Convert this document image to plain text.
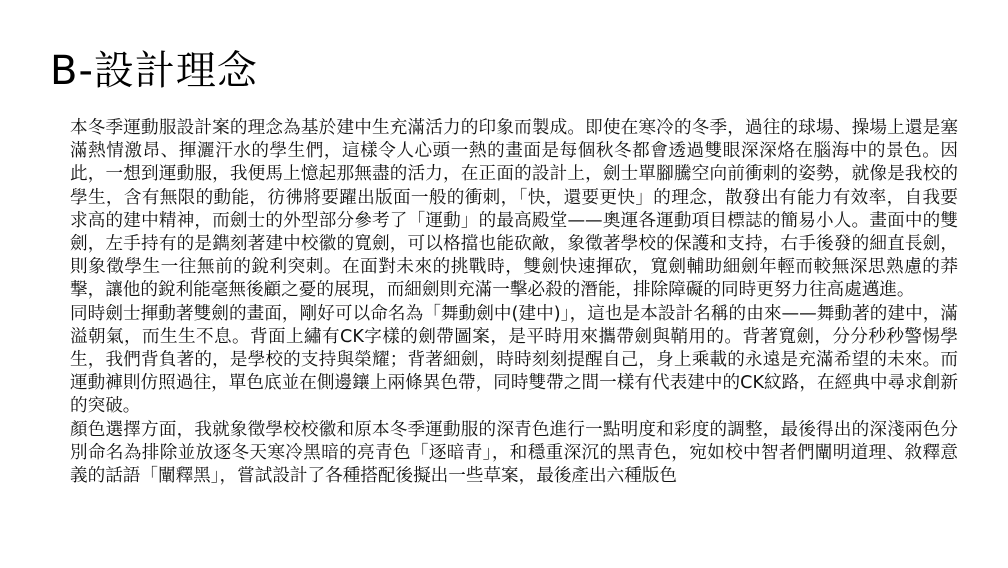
B-設計理念

本冬季運動服設計案的理念為基於建中生充滿活力的印象而製成。即使在寒冷的冬季，過往的球場、操場上還是塞滿熱情激昂、揮灑汗水的學生們，這樣令人心頭一熱的畫面是每個秋冬都會透過雙眼深深烙在腦海中的景色。因此，一想到運動服，我便馬上憶起那無盡的活力，在正面的設計上，劍士單腳騰空向前衝刺的姿勢，就像是我校的學生，含有無限的動能，彷彿將要躍出版面一般的衝刺，「快，還要更快」的理念，散發出有能力有效率，自我要求高的建中精神，而劍士的外型部分參考了「運動」的最高殿堂——奧運各運動項目標誌的簡易小人。畫面中的雙劍，左手持有的是鐫刻著建中校徽的寬劍，可以格擋也能砍敵，象徵著學校的保護和支持，右手後發的細直長劍，則象徵學生一往無前的銳利突刺。在面對未來的挑戰時，雙劍快速揮砍，寬劍輔助細劍年輕而較無深思熟慮的莽撃，讓他的銳利能毫無後顧之憂的展現，而細劍則充滿一擊必殺的潛能，排除障礙的同時更努力往高處邁進。

同時劍士揮動著雙劍的畫面，剛好可以命名為「舞動劍中(建中)」，這也是本設計名稱的由來——舞動著的建中，滿溢朝氣，而生生不息。背面上繡有CK字樣的劍帶圖案，是平時用來攜帶劍與鞘用的。背著寬劍，分分秒秒警惕學生，我們背負著的，是學校的支持與榮耀；背著細劍，時時刻刻提醒自己，身上乘載的永遠是充滿希望的未來。而運動褲則仿照過往，單色底並在側邊鑲上兩條異色帶，同時雙帶之間一樣有代表建中的CK紋路，在經典中尋求創新的突破。

顏色選擇方面，我就象徵學校校徽和原本冬季運動服的深青色進行一點明度和彩度的調整，最後得出的深淺兩色分別命名為排除並放逐冬天寒冷黑暗的亮青色「逐暗青」，和穩重深沉的黑青色，宛如校中智者們闡明道理、敘釋意義的話語「闡釋黑」，嘗試設計了各種搭配後擬出一些草案，最後產出六種版色
